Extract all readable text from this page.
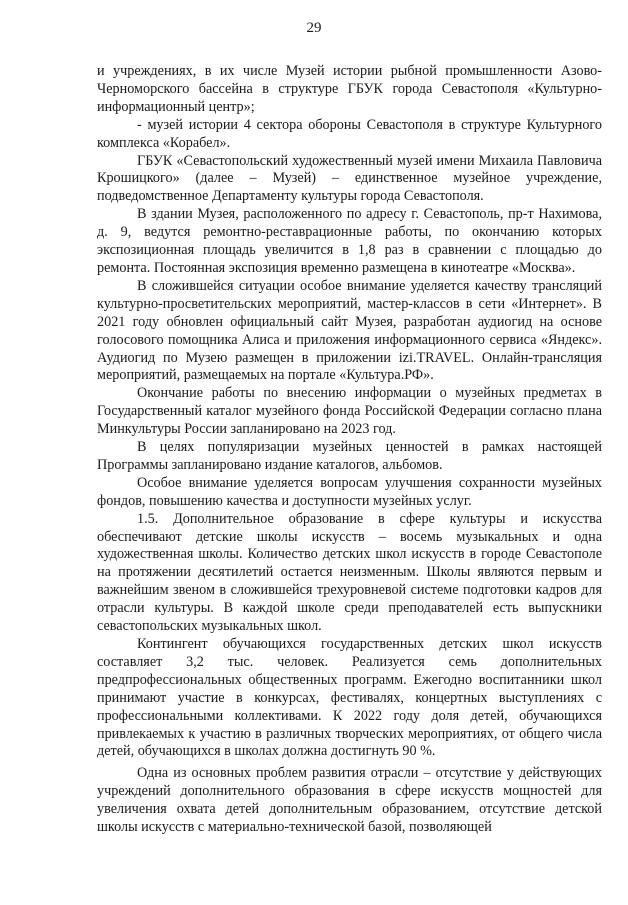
29

и учреждениях, в их числе Музей истории рыбной промышленности Азово-Черноморского бассейна в структуре ГБУК города Севастополя «Культурно-информационный центр»;

- музей истории 4 сектора обороны Севастополя в структуре Культурного комплекса «Корабел».

ГБУК «Севастопольский художественный музей имени Михаила Павловича Крошицкого» (далее – Музей) – единственное музейное учреждение, подведомственное Департаменту культуры города Севастополя.

В здании Музея, расположенного по адресу г. Севастополь, пр-т Нахимова, д. 9, ведутся ремонтно-реставрационные работы, по окончанию которых экспозиционная площадь увеличится в 1,8 раз в сравнении с площадью до ремонта. Постоянная экспозиция временно размещена в кинотеатре «Москва».

В сложившейся ситуации особое внимание уделяется качеству трансляций культурно-просветительских мероприятий, мастер-классов в сети «Интернет». В 2021 году обновлен официальный сайт Музея, разработан аудиогид на основе голосового помощника Алиса и приложения информационного сервиса «Яндекс». Аудиогид по Музею размещен в приложении izi.TRAVEL. Онлайн-трансляция мероприятий, размещаемых на портале «Культура.РФ».

Окончание работы по внесению информации о музейных предметах в Государственный каталог музейного фонда Российской Федерации согласно плана Минкультуры России запланировано на 2023 год.

В целях популяризации музейных ценностей в рамках настоящей Программы запланировано издание каталогов, альбомов.

Особое внимание уделяется вопросам улучшения сохранности музейных фондов, повышению качества и доступности музейных услуг.

1.5. Дополнительное образование в сфере культуры и искусства обеспечивают детские школы искусств – восемь музыкальных и одна художественная школы. Количество детских школ искусств в городе Севастополе на протяжении десятилетий остается неизменным. Школы являются первым и важнейшим звеном в сложившейся трехуровневой системе подготовки кадров для отрасли культуры. В каждой школе среди преподавателей есть выпускники севастопольских музыкальных школ.

Контингент обучающихся государственных детских школ искусств составляет 3,2 тыс. человек. Реализуется семь дополнительных предпрофессиональных общественных программ. Ежегодно воспитанники школ принимают участие в конкурсах, фестивалях, концертных выступлениях с профессиональными коллективами. К 2022 году доля детей, обучающихся привлекаемых к участию в различных творческих мероприятиях, от общего числа детей, обучающихся в школах должна достигнуть 90 %.

Одна из основных проблем развития отрасли – отсутствие у действующих учреждений дополнительного образования в сфере искусств мощностей для увеличения охвата детей дополнительным образованием, отсутствие детской школы искусств с материально-технической базой, позволяющей
